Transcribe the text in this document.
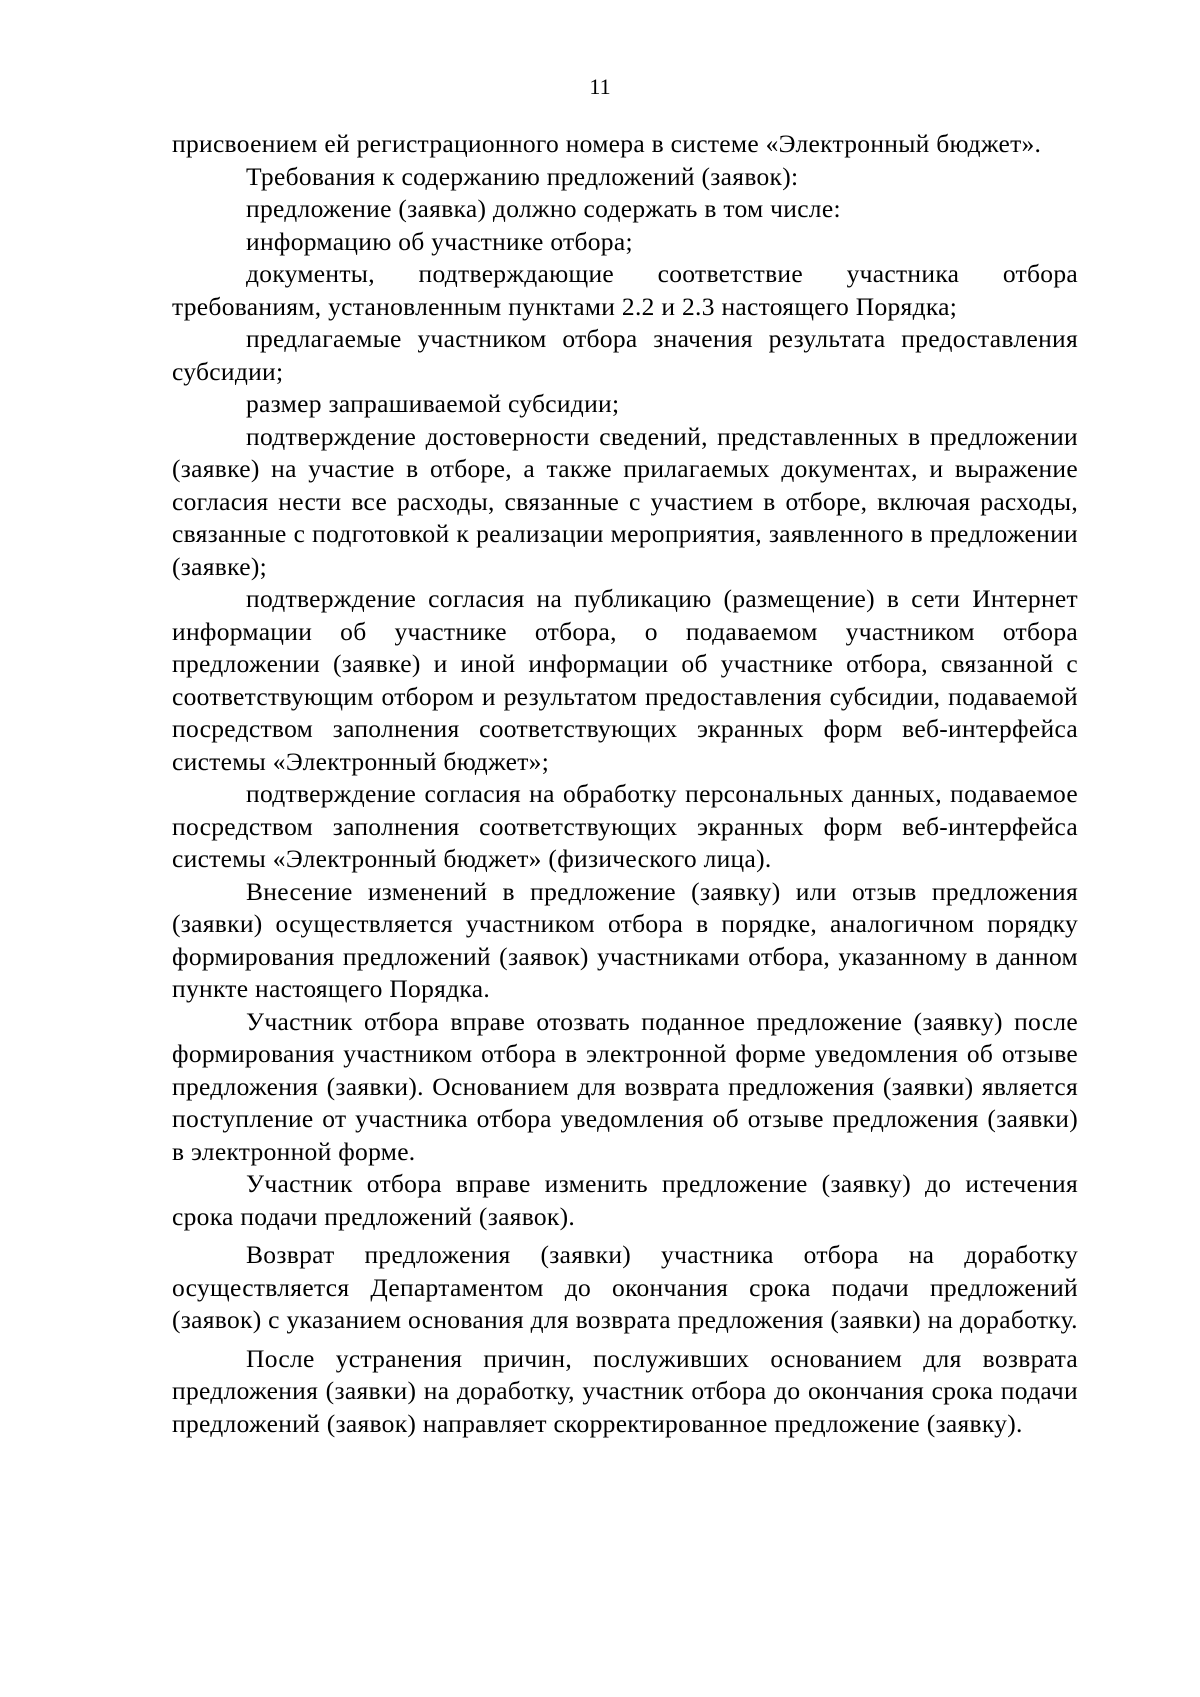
11

присвоением ей регистрационного номера в системе «Электронный бюджет».

Требования к содержанию предложений (заявок):

предложение (заявка) должно содержать в том числе:

информацию об участнике отбора;

документы, подтверждающие соответствие участника отбора требованиям, установленным пунктами 2.2 и 2.3 настоящего Порядка;

предлагаемые участником отбора значения результата предоставления субсидии;

размер запрашиваемой субсидии;

подтверждение достоверности сведений, представленных в предложении (заявке) на участие в отборе, а также прилагаемых документах, и выражение согласия нести все расходы, связанные с участием в отборе, включая расходы, связанные с подготовкой к реализации мероприятия, заявленного в предложении (заявке);

подтверждение согласия на публикацию (размещение) в сети Интернет информации об участнике отбора, о подаваемом участником отбора предложении (заявке) и иной информации об участнике отбора, связанной с соответствующим отбором и результатом предоставления субсидии, подаваемой посредством заполнения соответствующих экранных форм веб-интерфейса системы «Электронный бюджет»;

подтверждение согласия на обработку персональных данных, подаваемое посредством заполнения соответствующих экранных форм веб-интерфейса системы «Электронный бюджет» (физического лица).

Внесение изменений в предложение (заявку) или отзыв предложения (заявки) осуществляется участником отбора в порядке, аналогичном порядку формирования предложений (заявок) участниками отбора, указанному в данном пункте настоящего Порядка.

Участник отбора вправе отозвать поданное предложение (заявку) после формирования участником отбора в электронной форме уведомления об отзыве предложения (заявки). Основанием для возврата предложения (заявки) является поступление от участника отбора уведомления об отзыве предложения (заявки) в электронной форме.

Участник отбора вправе изменить предложение (заявку) до истечения срока подачи предложений (заявок).

Возврат предложения (заявки) участника отбора на доработку осуществляется Департаментом до окончания срока подачи предложений (заявок) с указанием основания для возврата предложения (заявки) на доработку.

После устранения причин, послуживших основанием для возврата предложения (заявки) на доработку, участник отбора до окончания срока подачи предложений (заявок) направляет скорректированное предложение (заявку).
